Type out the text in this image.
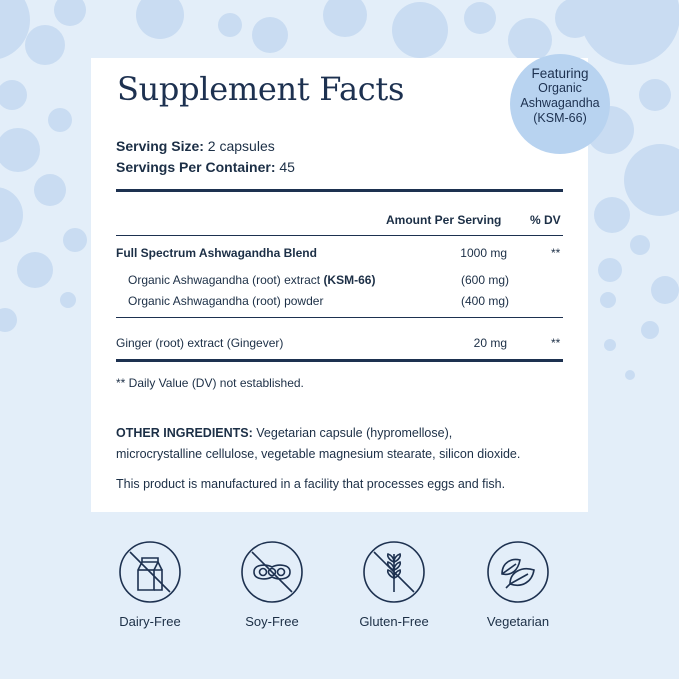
Supplement Facts
Serving Size: 2 capsules
Servings Per Container: 45
Amount Per Serving % DV
Full Spectrum Ashwagandha Blend	1000 mg	**
Organic Ashwagandha (root) extract (KSM-66)	(600 mg)
Organic Ashwagandha (root) powder	(400 mg)
Ginger (root) extract (Gingever)	20 mg	**
** Daily Value (DV) not established.
OTHER INGREDIENTS: Vegetarian capsule (hypromellose),
microcrystalline cellulose, vegetable magnesium stearate, silicon dioxide.
This product is manufactured in a facility that processes eggs and fish.
Featuring
Organic
Ashwagandha
(KSM-66)
Dairy-Free	Soy-Free	Gluten-Free	Vegetarian
